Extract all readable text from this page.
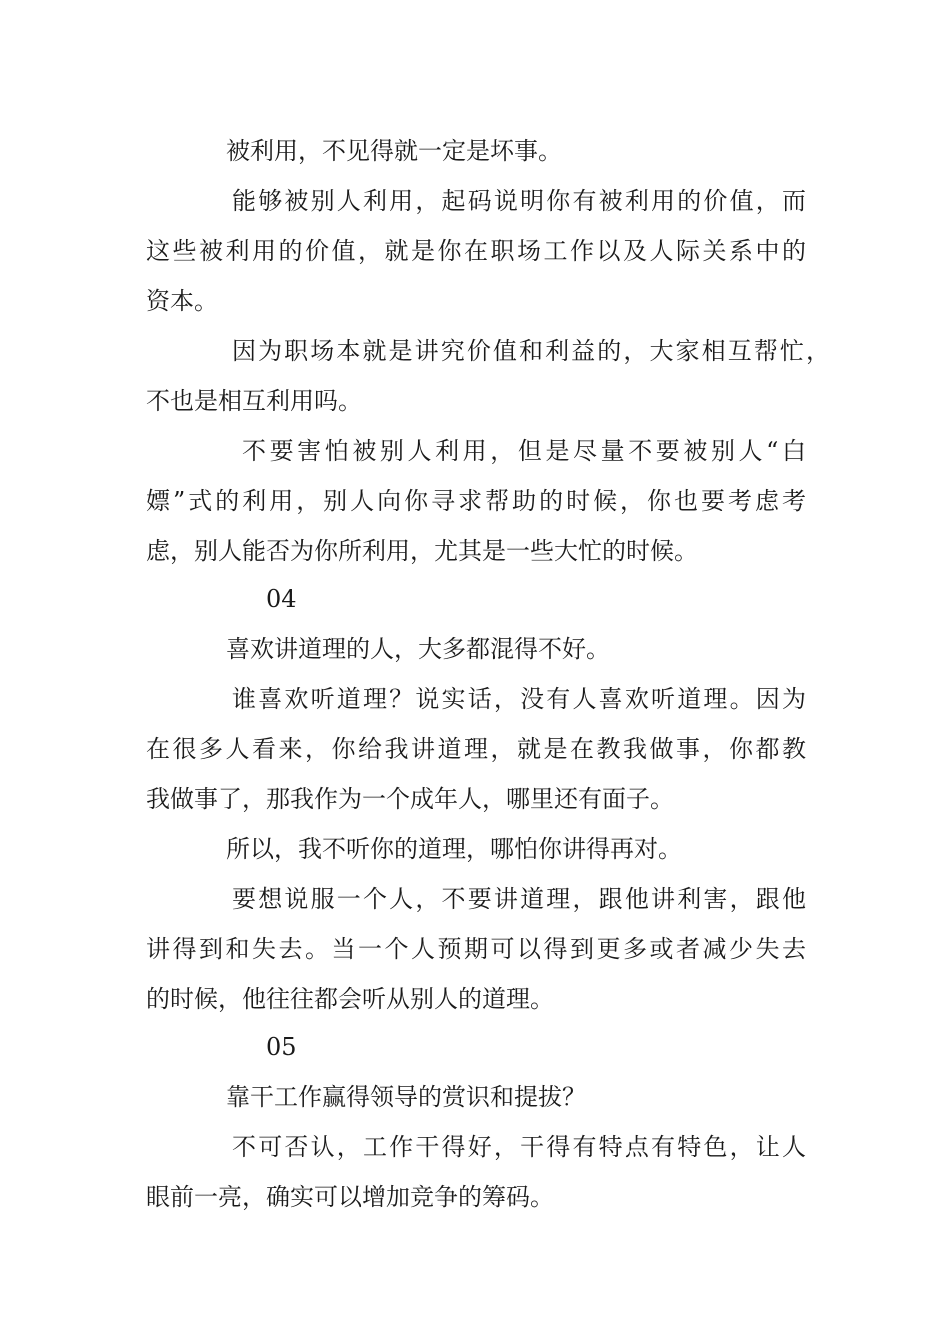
被利用，不见得就一定是坏事。
能够被别人利用，起码说明你有被利用的价值，而
这些被利用的价值，就是你在职场工作以及人际关系中的
资本。
因为职场本就是讲究价值和利益的，大家相互帮忙，
不也是相互利用吗。
不要害怕被别人利用，但是尽量不要被别人“白
嫖”式的利用，别人向你寻求帮助的时候，你也要考虑考
虑，别人能否为你所利用，尤其是一些大忙的时候。
04
喜欢讲道理的人，大多都混得不好。
谁喜欢听道理？说实话，没有人喜欢听道理。因为
在很多人看来，你给我讲道理，就是在教我做事，你都教
我做事了，那我作为一个成年人，哪里还有面子。
所以，我不听你的道理，哪怕你讲得再对。
要想说服一个人，不要讲道理，跟他讲利害，跟他
讲得到和失去。当一个人预期可以得到更多或者减少失去
的时候，他往往都会听从别人的道理。
05
靠干工作赢得领导的赏识和提拔？
不可否认，工作干得好，干得有特点有特色，让人
眼前一亮，确实可以增加竞争的筹码。
